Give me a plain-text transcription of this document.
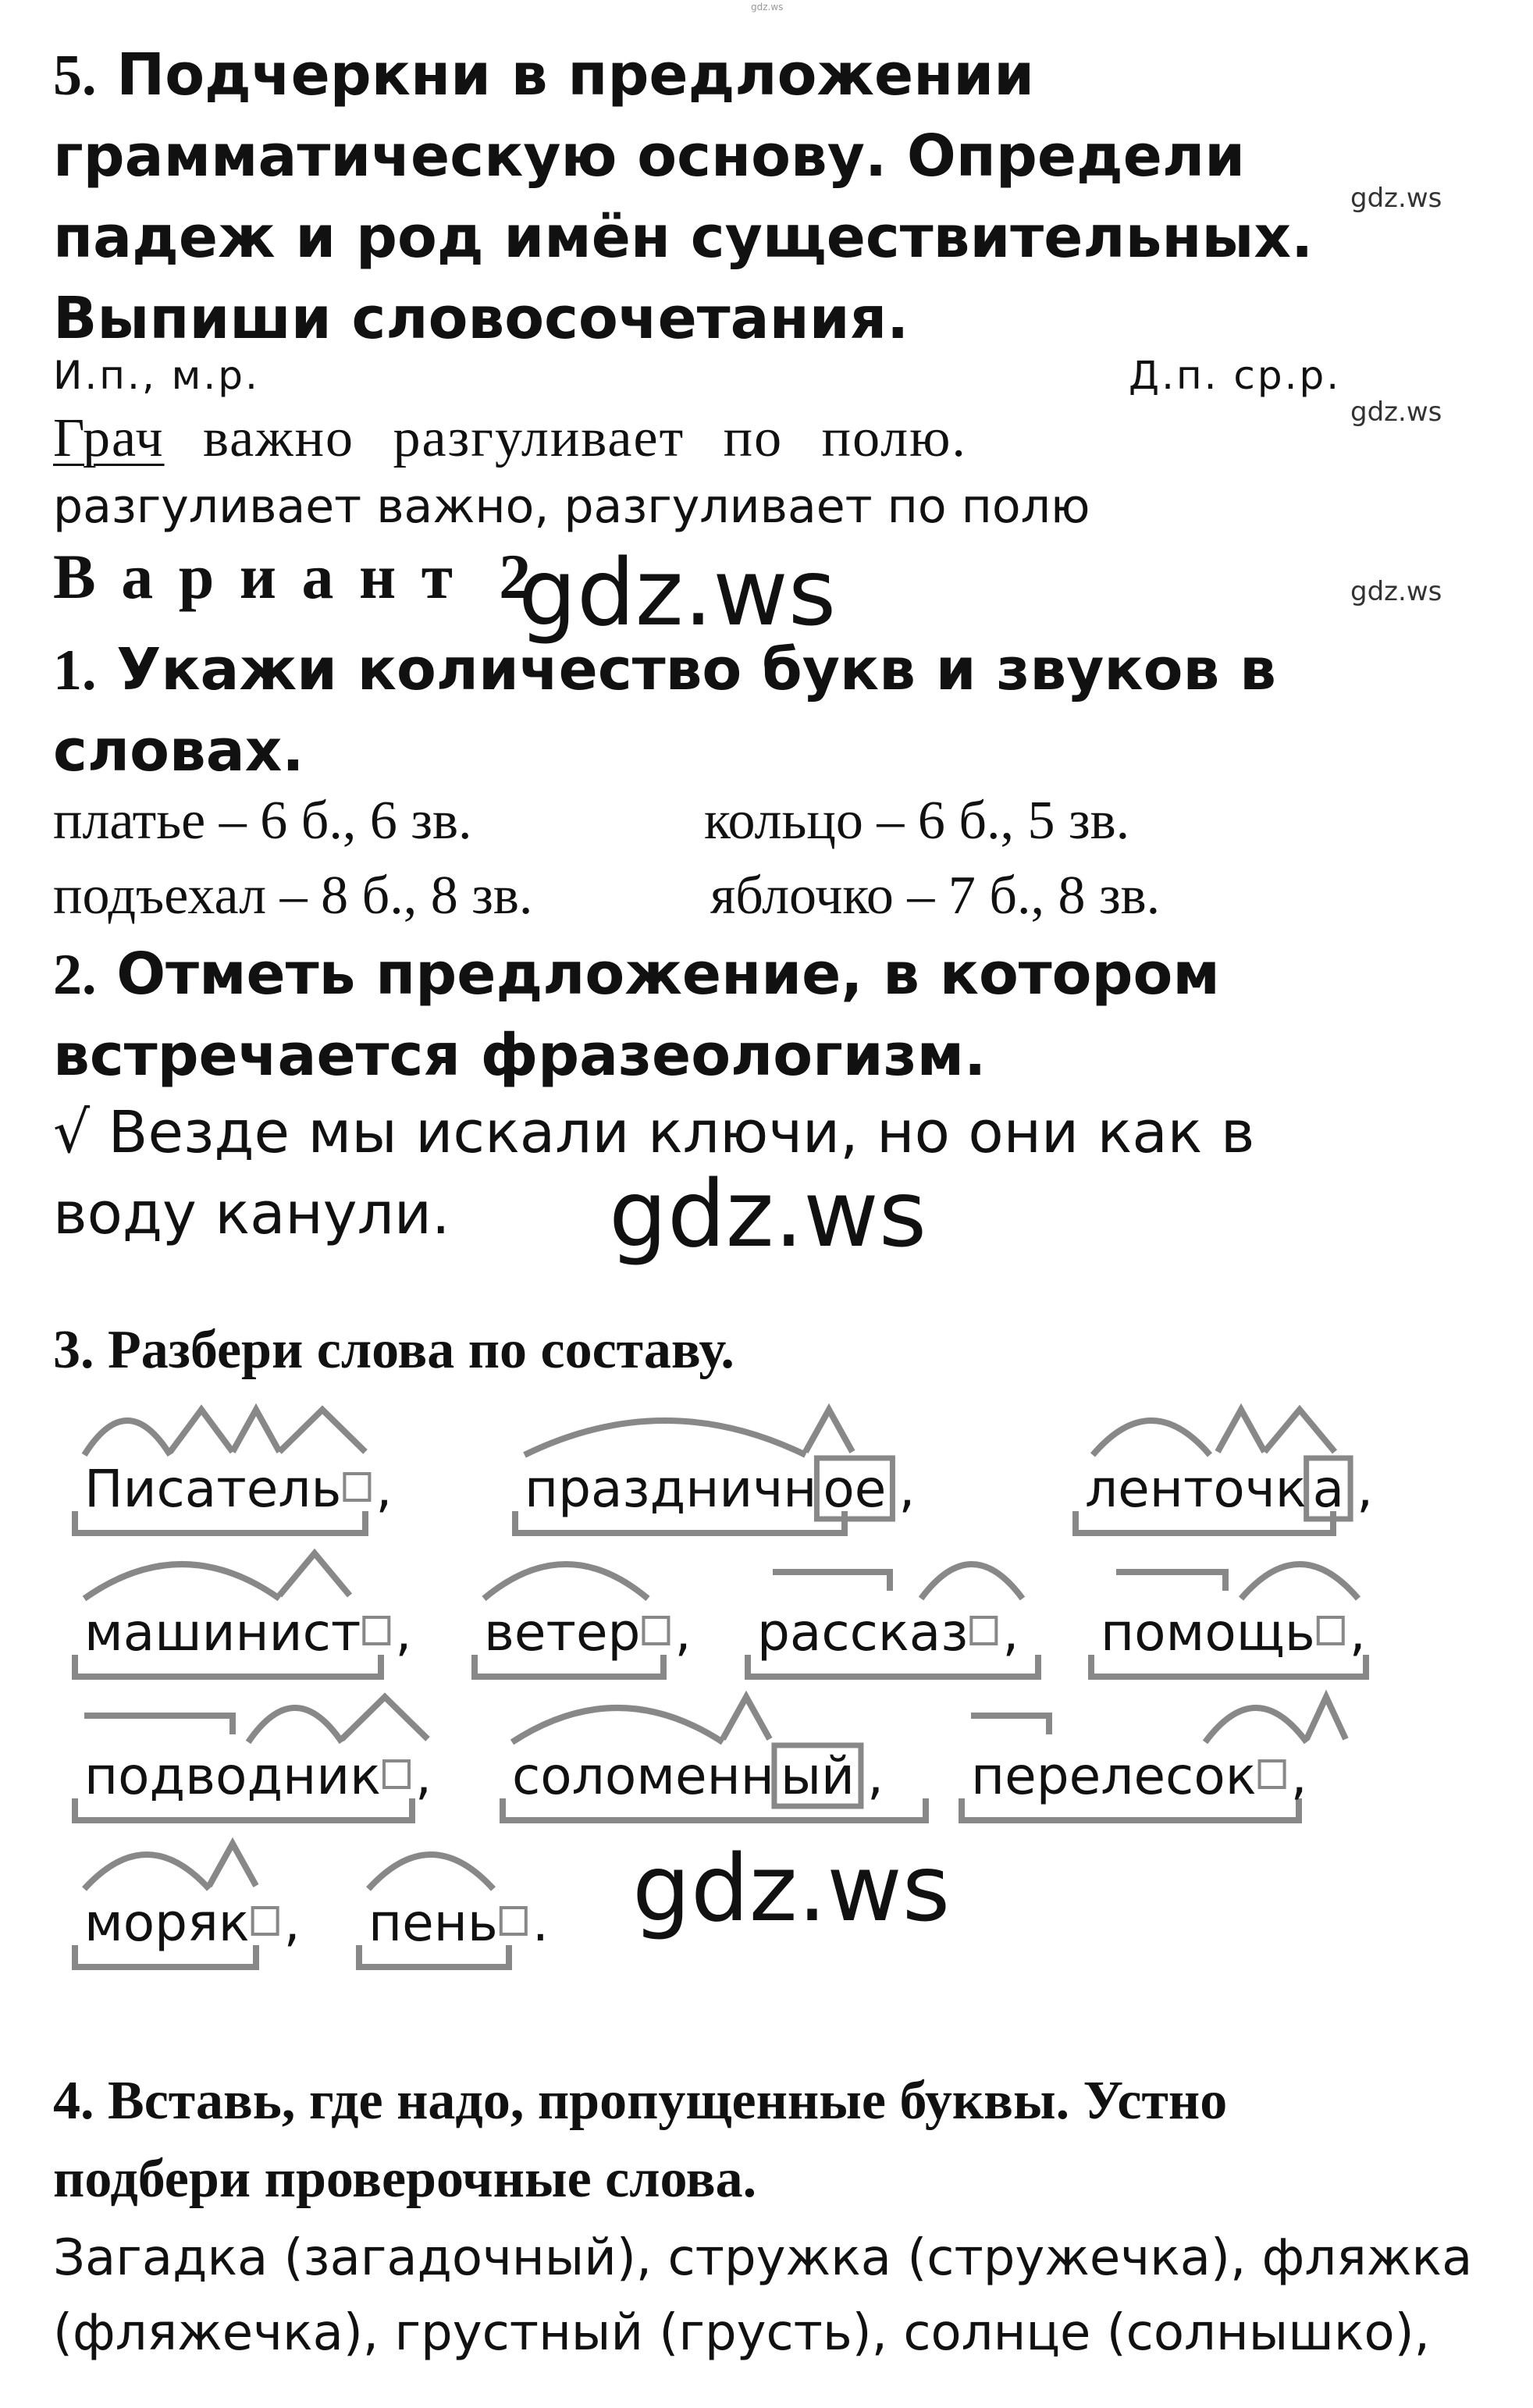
gdz.ws
5. Подчеркни в предложении
грамматическую основу. Определи
падеж и род имён существительных.
Выпиши словосочетания.
gdz.ws
И.п., м.р.	Д.п. ср.р.
gdz.ws
Грач важно разгуливает по полю.
разгуливает важно, разгуливает по полю
В а р и а н т  2
gdz.ws	gdz.ws
1. Укажи количество букв и звуков в
словах.
платье – 6 б., 6 зв.	кольцо – 6 б., 5 зв.
подъехал – 8 б., 8 зв.	яблочко – 7 б., 8 зв.
2. Отметь предложение, в котором
встречается фразеологизм.
√ Везде мы искали ключи, но они как в
воду канули. gdz.ws
3. Разбери слова по составу.
Писатель ,	праздничн ое ,	ленточк а ,
машинист , ветер , рассказ , помощь ,
подводник , соломенн ый , перелесок ,
моряк , пень . gdz.ws
4. Вставь, где надо, пропущенные буквы. Устно
подбери проверочные слова.
Загадка (загадочный), стружка (стружечка), фляжка
(фляжечка), грустный (грусть), солнце (солнышко),
